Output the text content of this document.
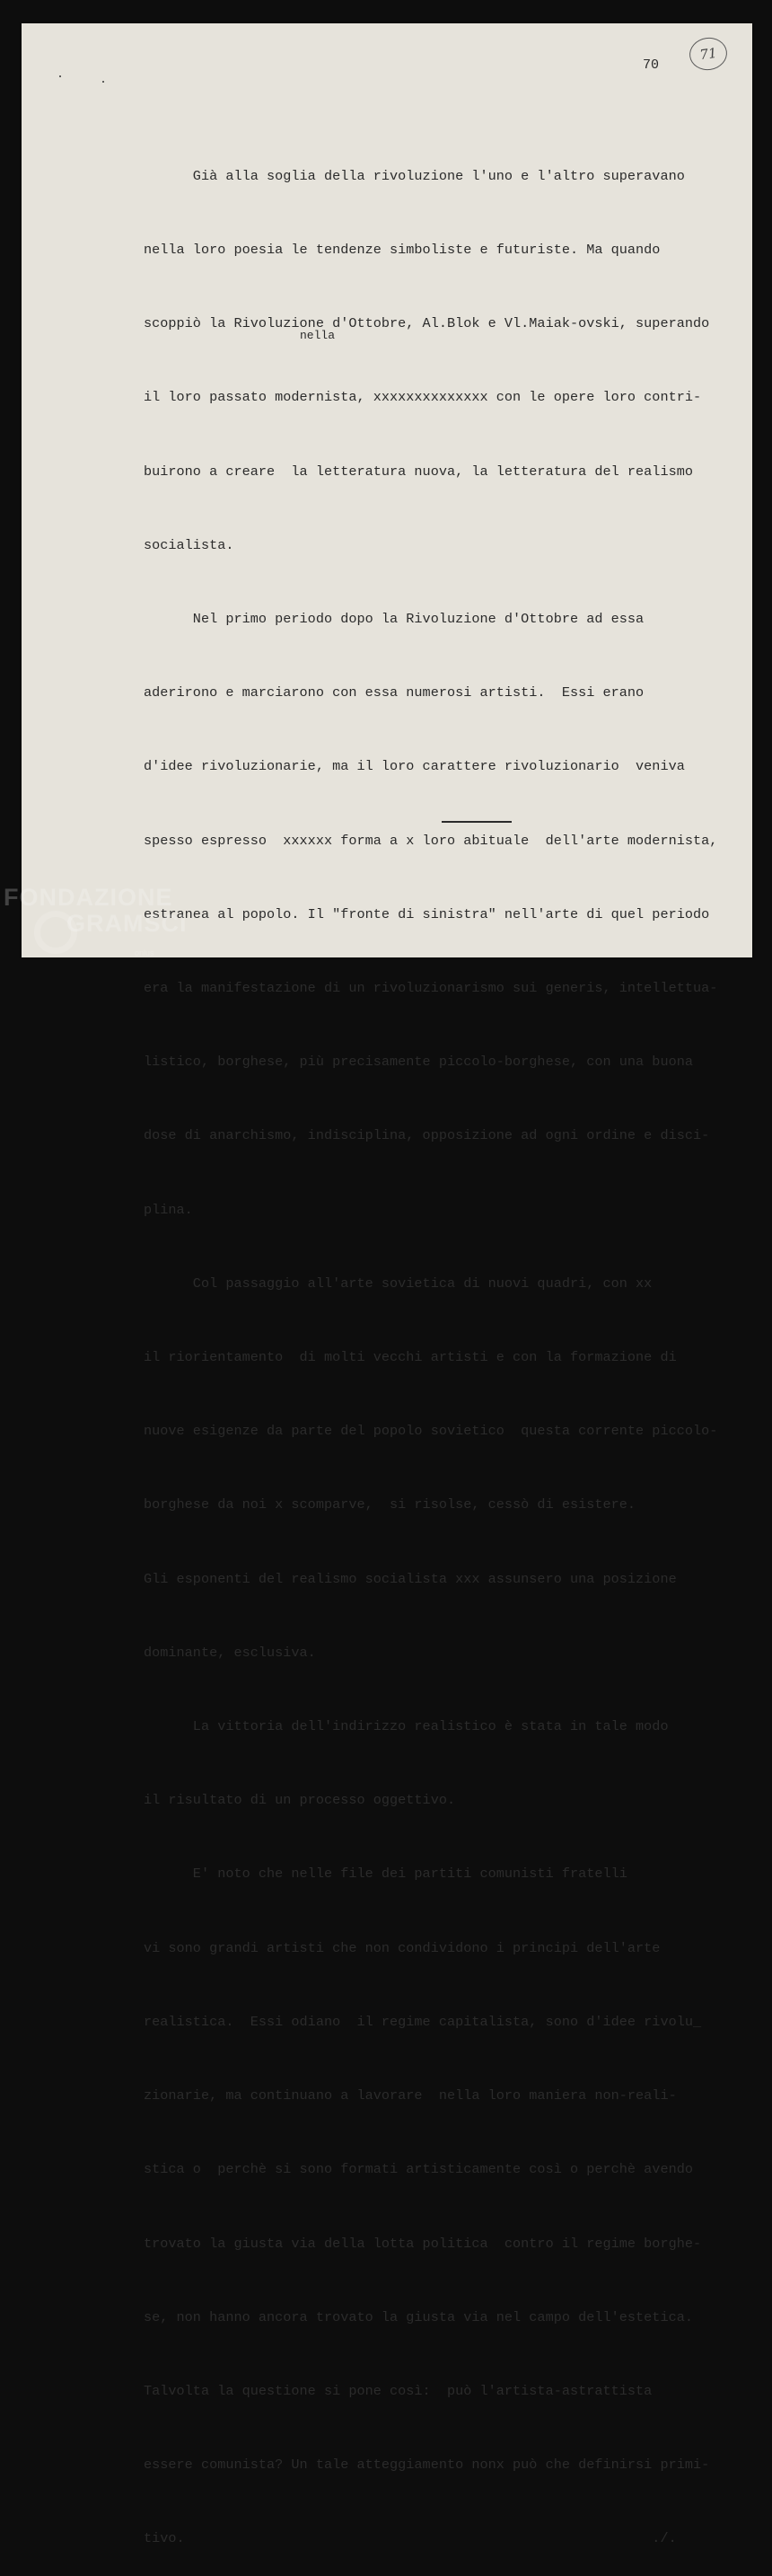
70
71
nella

Già alla soglia della rivoluzione l'uno e l'altro superavano

nella loro poesia le tendenze simboliste e futuriste. Ma quando

scoppiò la Rivoluzione d'Ottobre, Al.Blok e Vl.Maiak-ovski, superando

il loro passato modernista, xxxxxxxxxxxxxx con le opere loro contri-

buirono a creare  la letteratura nuova, la letteratura del realismo

socialista.

Nel primo periodo dopo la Rivoluzione d'Ottobre ad essa

aderirono e marciarono con essa numerosi artisti.  Essi erano

d'idee rivoluzionarie, ma il loro carattere rivoluzionario  veniva

spesso espresso  xxxxxx forma a x loro abituale  dell'arte modernista,

estranea al popolo. Il "fronte di sinistra" nell'arte di quel periodo

era la manifestazione di un rivoluzionarismo sui generis, intellettua-

listico, borghese, più precisamente piccolo-borghese, con una buona

dose di anarchismo, indisciplina, opposizione ad ogni ordine e disci-

plina.

Col passaggio all'arte sovietica di nuovi quadri, con xx

il riorientamento  di molti vecchi artisti e con la formazione di

nuove esigenze da parte del popolo sovietico  questa corrente piccolo-

borghese da noi x scomparve,  si risolse, cessò di esistere.

Gli esponenti del realismo socialista xxx assunsero una posizione

dominante, esclusiva.

La vittoria dell'indirizzo realistico è stata in tale modo

il risultato di un processo oggettivo.

E' noto che nelle file dei partiti comunisti fratelli

vi sono grandi artisti che non condividono i principi dell'arte

realistica.  Essi odiano  il regime capitalista, sono d'idee rivolu_

zionarie, ma continuano a lavorare  nella loro maniera non-reali-

stica o  perchè si sono formati artisticamente così o perchè avendo

trovato la giusta via della lotta politica  contro il regime borghe-

se, non hanno ancora trovato la giusta via nel campo dell'estetica.

Talvolta la questione si pone così:  può l'artista-astrattista

essere comunista? Un tale atteggiamento nonx può che definirsi primi-

tivo.                                                         ./.

FONDAZIONE
GRAMSCI
onlus
